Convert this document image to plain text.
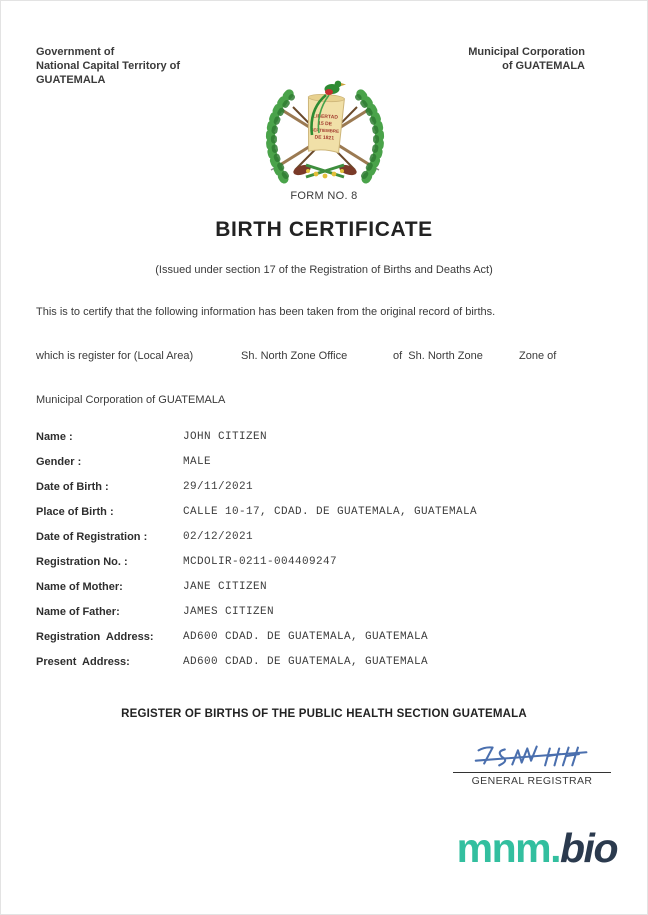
Government of
National Capital Territory of
GUATEMALA
Municipal Corporation
of GUATEMALA
LIBERTAD
15 DE
SEPTIEMBRE
DE 1821
FORM NO. 8
BIRTH CERTIFICATE
(Issued under section 17 of the Registration of Births and Deaths Act)
This is to certify that the following information has been taken from the original record of births.
which is register for (Local Area)	Sh. North Zone Office	of  Sh. North Zone	Zone of
Municipal Corporation of GUATEMALA
Name :	JOHN CITIZEN
Gender :	MALE
Date of Birth :	29/11/2021
Place of Birth :	CALLE 10-17, CDAD. DE GUATEMALA, GUATEMALA
Date of Registration :	02/12/2021
Registration No. :	MCDOLIR-0211-004409247
Name of Mother:	JANE CITIZEN
Name of Father:	JAMES CITIZEN
Registration  Address:	AD600 CDAD. DE GUATEMALA, GUATEMALA
Present  Address:	AD600 CDAD. DE GUATEMALA, GUATEMALA
REGISTER OF BIRTHS OF THE PUBLIC HEALTH SECTION GUATEMALA
GENERAL REGISTRAR
mnm.bio
